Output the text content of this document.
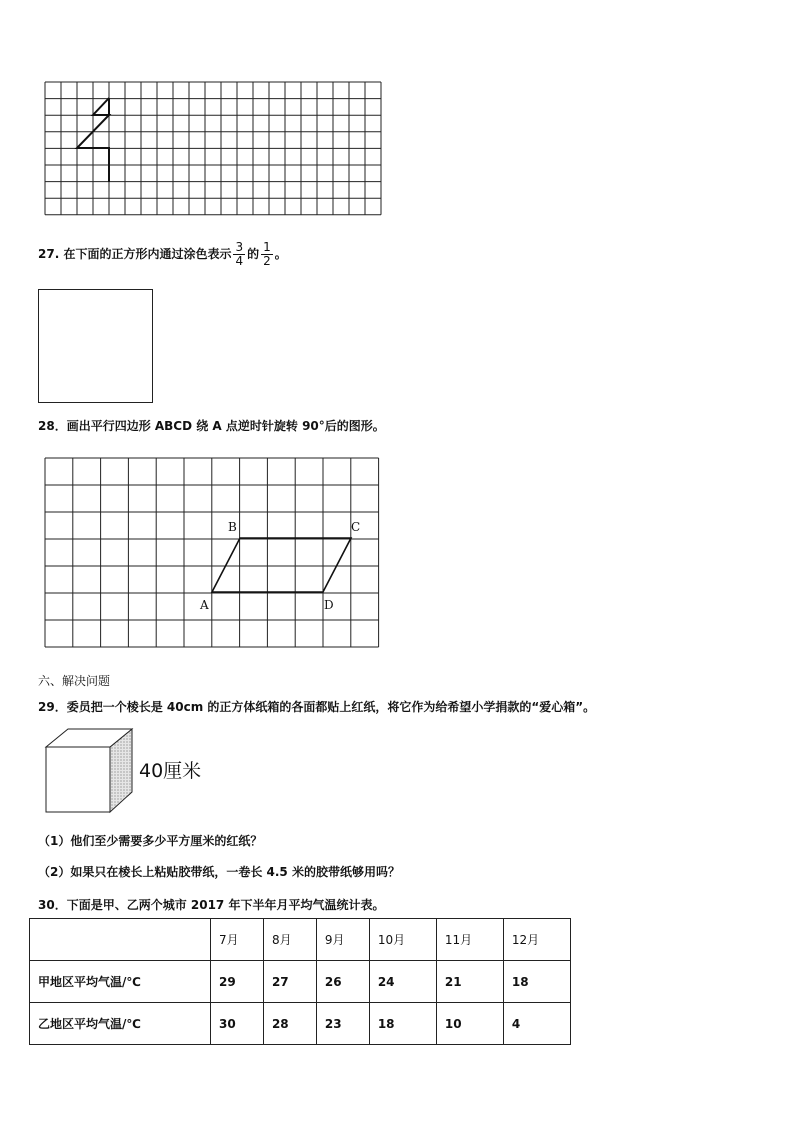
27. 在下面的正方形内通过涂色表示 $\frac{3}{4}$ 的 $\frac{1}{2}$ 。
28．画出平行四边形 ABCD 绕 A 点逆时针旋转 90°后的图形。
A
B	C
D
六、解决问题
29．委员把一个棱长是 40cm 的正方体纸箱的各面都贴上红纸，将它作为给希望小学捐款的“爱心箱”。
40厘米
（1）他们至少需要多少平方厘米的红纸？
（2）如果只在棱长上粘贴胶带纸，一卷长 4.5 米的胶带纸够用吗？
30．下面是甲、乙两个城市 2017 年下半年月平均气温统计表。
	7月	8月	9月	10月	11月	12月
甲地区平均气温/℃	29	27	26	24	21	18
乙地区平均气温/℃	30	28	23	18	10	4
